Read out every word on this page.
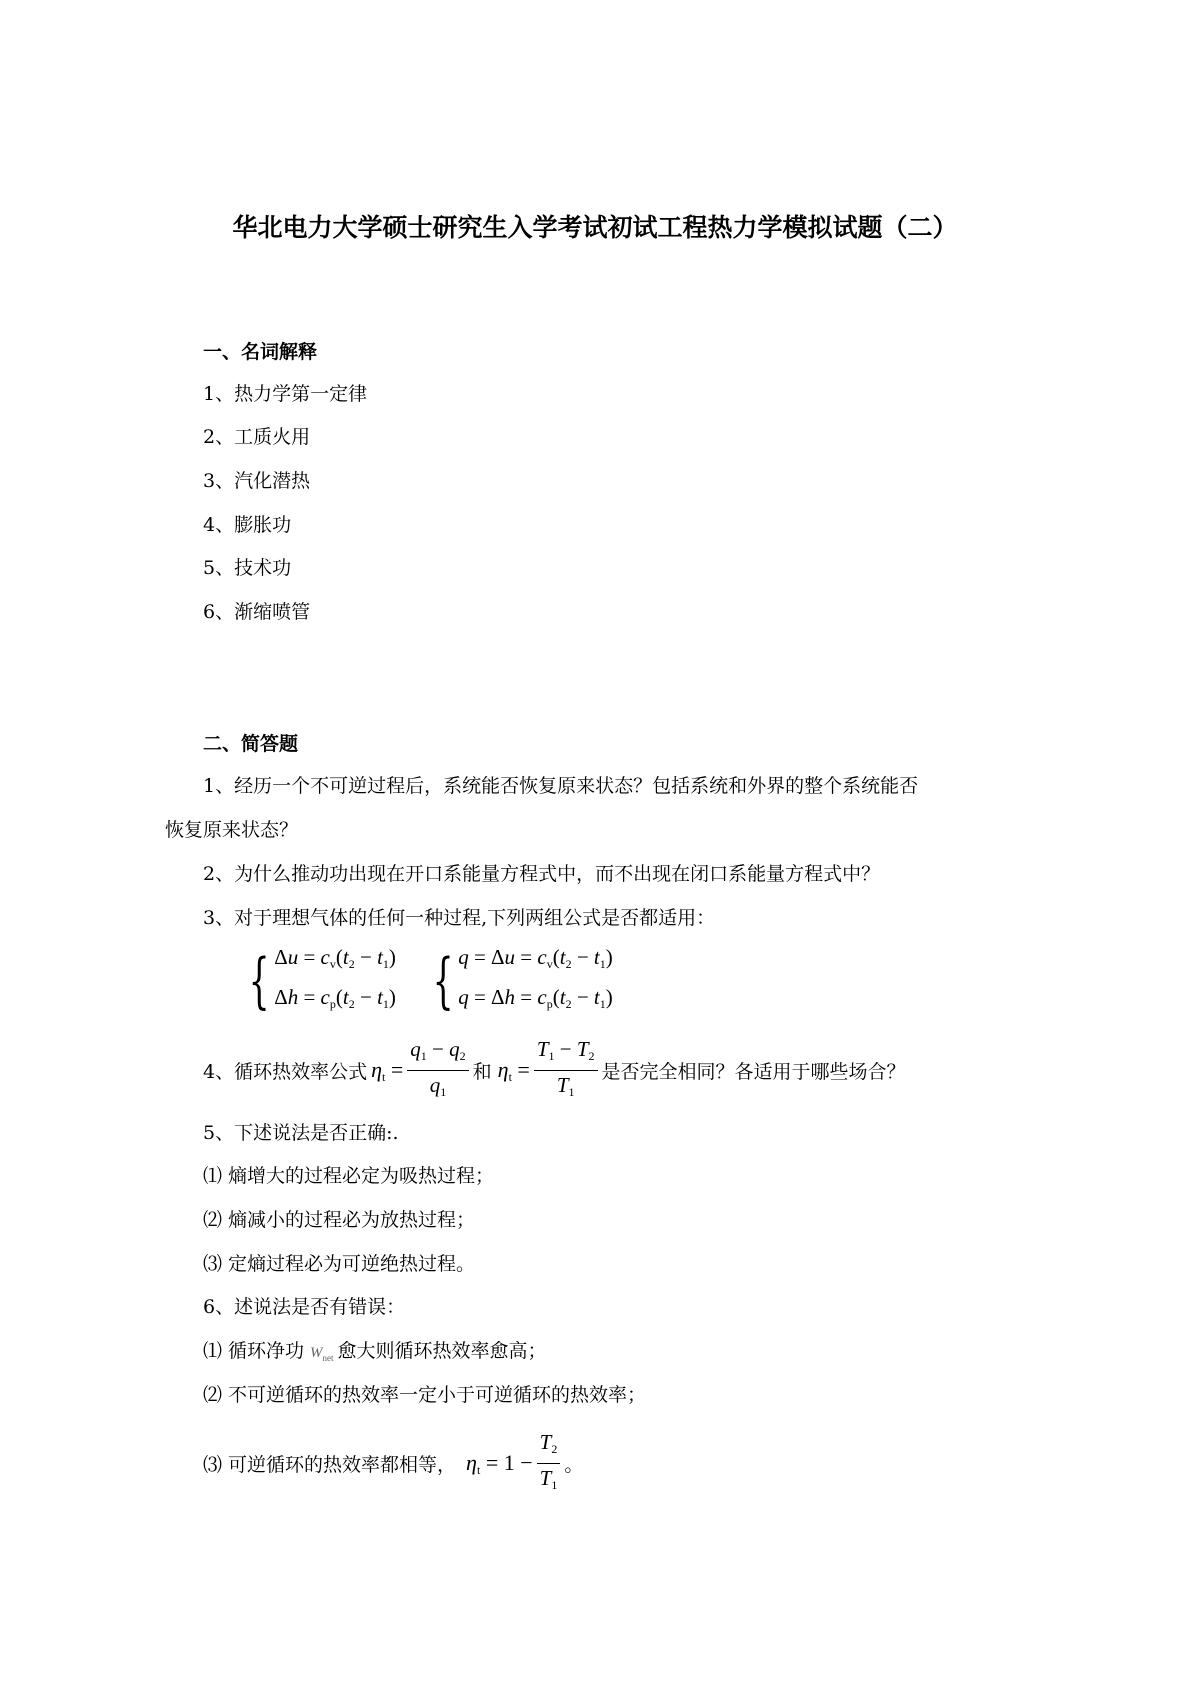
华北电力大学硕士研究生入学考试初试工程热力学模拟试题（二）
一、名词解释
1、热力学第一定律
2、工质火用
3、汽化潜热
4、膨胀功
5、技术功
6、渐缩喷管
二、简答题
1、经历一个不可逆过程后，系统能否恢复原来状态？包括系统和外界的整个系统能否
恢复原来状态？
2、为什么推动功出现在开口系能量方程式中，而不出现在闭口系能量方程式中？
3、对于理想气体的任何一种过程,下列两组公式是否都适用：
{ $\Delta u = c_v(t_2 - t_1)$
$\Delta h = c_p(t_2 - t_1)$ { $q = \Delta u = c_v(t_2 - t_1)$
$q = \Delta h = c_p(t_2 - t_1)$
4、循环热效率公式 $\eta_t = \frac{q_1 - q_2}{q_1}$ 和 $\eta_t = \frac{T_1 - T_2}{T_1}$ 是否完全相同？各适用于哪些场合？
5、下述说法是否正确:.
⑴ 熵增大的过程必定为吸热过程；
⑵ 熵减小的过程必为放热过程；
⑶ 定熵过程必为可逆绝热过程。
6、述说法是否有错误：
⑴ 循环净功 $W_{net}$ 愈大则循环热效率愈高；
⑵ 不可逆循环的热效率一定小于可逆循环的热效率；
⑶ 可逆循环的热效率都相等， $\eta_t = 1 - \frac{T_2}{T_1}$ 。
